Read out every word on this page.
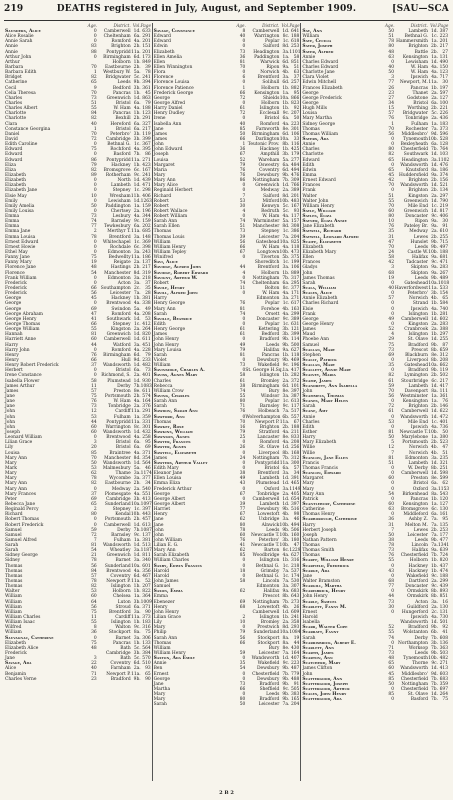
219	DEATHS registered in July, August, and September 1909.	[SAU—SCA
Age.	District. Vol. Page
Saunders, Alice	0	Camberwell 1d. 633
Alice Rosalie	0	Cheltenham 6a. 291
Annie Sarah	0	Romford 4a. 201
Annie	83	Brighton 2b. 151
Annie	88	Pontypridd 11a. 201
Arthur John	0	Birmingham 6d. 173
Arthur	Holborn 1b. 849
Barbara	70	Eastbourne 2b.	39
Barbara Edith	1	Westbury W. 5a.	78
Bridget	82	Bridgwater 5c. 241
Catherine	65	Leeds 9b. 394
Cecil	9	Bedford 3b. 361
Celia Theresa	70	Pancras 1b.	45
Charles	73	Greenwich 1d. 863
Charles	51	Bristol 6a.	79
Charles Albert	55	W. Ham 4a. 188
Charlotte	84	Pancras 1b. 123
Charlotte	82	Bexhill 2b. 291
Clara	40	Hereford 6a. 327
Constance Georgina	1	Bristol 6a. 217
Daniel	70	Peterbro' 3b. 119
David	72	Cambridge 3b. 399
Edith Caroline	0	Bethnal G. 1c. 367
Edward	75	Rochford 4a. 395
Edward	0	Basford 7b.	86
Edward	86	Pontypridd 11a. 271
Eliza	79	Hackney 1b. 423
Eliza	82	Bromsgrove 6c. 167
Elizabeth	89	Rotherham 9c. 241
Elizabeth	0	North 1d. 439
Elizabeth	0	Lambeth 1d. 471
Elizabeth Jane	0	Stepney 1c. 298
Elsie May	10	Wrexham 11b. 406
Emily	0	Lewisham 1d. 1263
Emily Amelia	50	Paddington 1a. 159
Emily Louisa	0	Chertsey 2a. 196
Emma	73	Lesbury 4a. 344
Emma	74	Barnsley 9c. 159
Emma	77	Tewkesbury 6a. 202
Emma Jane	2	Merthyr T. 11a. 685
Emma Louisa	78	Brentford 3a. 148
Ernest Edward	0	Whitechapel 1c. 369
Ernest Howie	0	Rochdale 6c. 398
Ethel May	0	Edmonton 3a. 243
Fanny Jane	75	Bedwellty 11a. 186
Fanny Mary	19	Reigate 2a. 137
Florence Jane	48	Hastings 2b. 217
Florence	54	Manchester 8d. 319
Frank William	0	Edmonton 3a. 218
Frederick	0	Acton 3a.	37
Frederick	66 Southampton 2c.	35
Frederick	56	Leicester 7a.	28
George	45	Hackney 1b. 381
George	0	Brentwood 4a. 338
George	69	Swindon 5a.	49
George Abraham	47	Romford 4a. 208
George Henry	41	Southwark 1d.	53
George Thomas	66	Stepney 1c. 412
George William	55	Kingston 2a. 264
Hannah	81	Greenwich 1d. 820
Harriett Anne	60	Camberwell 1d. 611
Harry	44	Watford 3a. 451
Harry John	0	Romford 4a. 228
Henry	76	Birmingham 6d.	79
Henry	66	Hull 9d. 233
Henry Robert Frederick	37	Wandsworth 1d. 482
Herbert	0	Bristol 6a.	73
Irene Constance	0	Richmond, S. 2a. 401
Isabella Flower	58	Plumstead 1d. 930
James Arthur	11	Derby 7b. 1083
James	57	Preston 8e. 611
Jane	75	Portsmouth 2b. 574
Jane	76	W. Ham 4a. 164
Jane	73	Tonbridge 2a. 376
John	12	Cardiff 11a. 291
John	53	Fulham 1a. 359
John	44	Pontypridd 11a. 331
John	60	Warrington 8c. 301
Joseph	60	Wandsworth 1d. 432
Leonard William	0	Brentwood 4a. 258
Lilian Grace	3	Bristol 6a.	95
Lily	20	Bristol 6a.	69
Louisa	85	Braintree 4a. 371
Mary Ann	70	Manchester 8d. 354
Mary	50	Wandsworth 1d. 564
Mark	53	Malmesbury 5a.	46
Mary	62	Thame 3a. 1174
Mary	78	Wycombe 3a. 377
Mary Ann	82	Eastbourne 2b.	34
Mary Ann	0	Medway 2a. 540
Mary Frances	37	Plomesgate 4a. 551
Peter	69	Cambridge 3b. 413
Rebecca Jane	65	Sunderland 10a. 1097
Reginald Percy	2	Stepney 1c. 397
Richard	80	Kendal 10b. 443
Robert Thomas	0	Portsmouth 2b. 457
Robert Frederick	0	Camberwell 1d. 613
Samuel	59	Derby 7b. 1087
Samuel	72	Barnsley 9c. 137
Samuel Alfred	7	Fulham 1a. 381
Sarah	81	Wandsworth 1d. 513
Sarah	54	Wheatley 3a. 1187
Sidney George	21	Greenwich 1d. 811
Sidney	78	Barnet 3a. 340
Thomas	56	Sunderland 10a. 601
Thomas	84	Brentwood 4a. 356
Thomas	57	Coventry 6d. 467
Thomas	78	Newport P. 11a.	52
Thomas	82	Islington 1b. 207
Walter	53	Holborn 1b. 822
William	60	Chelsea 1a. 364
William	64	Luton 3b. 1009
William	56	Stroud 6a. 371
William	75	Brentford 3a.	90
William Charles	11	Cardiff 11a. 373
William Isaac	55	Islington 1b. 183
Wilfred	8	Walton 9c. 316
William	36	Stockport 8a.	75
Sauvagnac, Catherine	0	Barnet 3a. 306
Elizabeth	75	Pancras 1b. 133
Elizabeth Alice	48	Bath 5c. 564
Frederick	Cambridge 3b. 384
Jane	3	Bath 5c. 570
Savage, Ada	22	Coventry 6d. 510
Alice	40	Farnham 2a.	93
Benjamin	71	Newport P. 11a.	65
Charles Verne	23	Bradford 9b.	90
Age.	District. Vol. Page
Savage, Constance	8	Camberwell 1d. 641
Edward	40	Warrington 8c. 188
Edward	0	Poplar 1c. 618
Edwin	0	Salford 8d. 253
Elizabeth	73	Headington 3a. 1101
Ellen Amelia	36	Paddington 1a.	58
Ellen	81	Warwick 6d. 851
Ellen Winnington	70	Ripon 9a.	51
Flora	0	Norwich 4b.	63
Florence	6	Brentford 3a.	37
Florence Louisa	0	Solihull 6d. 257
Florence Patience	1	Holborn 1b. 882
Frederick George	66	Kensington 1a.	95
George	72	Shields 10a. 866
George Alfred	0	Holborn 1b. 823
Harry Daniel	61	Islington 1b.	92
Henry Dudley	72	Ecclesall 9c. 207
Irene	0	Bristol 6a.	50
Isabella Ann	40	Romford 4a. 223
Jane	85	Farnworth 8e. 301
James	50	Birmingham 6d. 106
James	66	Darlington 10a.	33
John	1 Teutonic Prov. 8b. 116
John Edward	36	Hackney 1b. 425
Joseph	67	Ampthill 3b. 179
Louisa	52	Wareham 5a. 277
Margaret	79	Oswestry 6a. 484
Maria	76	Coventry 6d. 494
Mary	76	Dewsbury 9b. 476
Mary Ann	86	Nottingham 7b. 309
Mary Alice	0	Greenwich 1d. 766
Reginald Herbert	0	Medway 2a. 389
Richard	7	Salford 8d. 201
Robert	53	Mitford 10b. 483
Robert	30	Kenwyn 5c. 167
Robert Wallace	4	Redruth 5c.	93
Robert William	0	W. Ham 4a. 117
Sarah Ann	74	Warminster 5a. 157
Sarah Ellen	51	Manchester 8d. 308
Thomas	73	Stepney 1c. 386
Thomas Louis	39	Leicester 7a. 204
William	56	Gateshead 10a. 825
William Henry	66	W. Ham 4a. 118
William Tepley	67	Longtown 10b. 473
Winifred	0	Tiverton 5b. 375
Savi, Alice	Shoreditch 1c. 199
Savidge, Alfred John	44	Brentford 3a. 106
Savidge, Robert Edward	4	Holborn 1b. 889
Savigny, Arthur W.	0	Nottingham 7b. 317
Robert	74	Cheltenham 6a. 295
Savile, Henry	11	Bolton 8c. 377
Savill, Alfred John	0	W. Ham 4a. 171
Harry	Edmonton 3a. 271
Henry George	76	Poplar 1c. 617
Mary Ann	81	Forehoe 4b. 163
Sarah	74	Orsett 4a. 299
Saville, Beatrice	0	Doncaster 9c. 389
Edith	0	Poplar 1c. 631
Henry George	61	Kettering 3b. 121
James	61	Bedford 3b. 399
John Henry	0	Bradford 9b. 114
John Henry	49	Leeds 9b. 500
Mary Louisa	79	Halifax 9a. 627
Sarah	81	Pancras 1b. 118
Violet	0	Dewsbury 9b. 469
William	73	Wakefield 9c. 196
Savinsidge, Charles A.	0 St. George H.Sq. 1a. 417
Saviss, Agnes Mary	58	Islington 1b. 282
Charles	61	Bromley 2a. 372
Rebecca	38	Birmingham 6d. 101
William Crow	74	Bury 8e. 397
Saving, Charles	55	Windsor 3a. 387
Sarah Ann	80	Poplar 1c. 613
Sarah	71	Barnsley 9c. 117
Sawdon, Sarah Ann	76	Holbeach 7a. 517
Sawford, Ann	0 Wolverhampton 6b. 557
Thomas	70	Newport P. 11a.	67
Sawkey, Rose	16	Brighton 2b. 188
Sawkins, William	79	Stratford 4a. 211
Sawnson, Agnes	25	Lancaster 8e. 833
Sawyer, Frances	0	Romford 4a. 208
Sawyer, Agnes	26	St. Olave 1d. 256
Sawyell, Elizabeth	0	Liverpool 8b. 168
James	24	Nottingham 7b. 312
Sawyers, Arthur Valley	0	Pontypridd 11a. 300
Edith Mary	0	Bristol 6a.	57
Eleanor Jane	38	Brentford 3a.	34
Ellen Louisa	49	Lambeth 1d. 391
Emma Eliza	43	Plumstead 1d. 465
Frederick Arthur	0	Oxford 3a. 1149
George	67	Tonbridge 2a. 405
George Albert	0	Camberwell 1d. 654
George Albert	39	Lambeth 1d. 397
Harriet	77	Dewsbury 9b. 516
Henry	67	Lowestoft 4b.	98
Jane	62	Uxbridge 3a.	46
Jane	80	Alnwick 10b. 494
John	78	Leeds 9b. 506
John	60	Newcastle T. 10b. 160
John William	76	Peterbro' 3b. 180
Lilian E. G.	41	Newcastle T. 10b.	47
Mary Ann	62	Barton 8c. 1229
Sarah Elizabeth	85	Woodbridge 4a. 627
William Charles	0	Islington 1b. 316
Saxby, Edwin Francis	0	Bethnal G. 1c. 218
Harold	18	Grimsby 7a. 537
Harold	0	Bethnal G. 1c. 174
John James	58	Lincoln 7a. 530
Samuel	Edmonton 3a. 307
Saxon, Emma	62	Halifax 9a. 683
Emma	Prescot 8b. 643
Ebenezer	69	Nottingham 7b. 273
Henry	68	Lowestoft 4b.	26
John Henry	Camberwell 1d. 609
Lilian Grace	2	Islington 1b. 241
Lily	10	Bromley 2a. 358
Mary	0	Prestwich 8d. 293
Philip	79	Sunderland 10a. 1084
Sarah Ann	56	Stockport 8a.	19
Thomas	66	Stockport 8a.	44
William	Bury 8e. 430
William Henry	59	Leicester 7a. 164
Saxton, Ada Emily	0	Wandsworth 1d. 407
Annie	35	Wakefield 9c. 223
Ben	54	Dewsbury 9b. 487
Ernest	0	Chesterfield 7b. 779
George	0	Dewsbury 9b. 488
Jane	73	Bradford 9b.	91
Martha	66	Sheffield 9c. 505
Mary	0	Leeds 9b. 383
Mary	80	Bradford 9b. 165
Sarah	50	Leicester 7a. 204
Age.	District. Vol. Page
Say, Ann	50	Lambeth 1d. 387
William	51	Bethnal G. 1c. 223
Saye, Cecilia	78 Hammersmith 1a. 201
Sayer, Joseph	80	Brighton 2b. 217
Sayer, Alfred	48	Battle 2b.	27
Annie	63	Kensington 1a. 131
Charles Edward	0	Lewisham 1d. 490
Charles Edward	40	W. Ham 4a. 150
Charlotte Jane	50	W. Ham 4a. 123
Clara Violet	3	Ipswich 4a. 717
Edwin Mitchell	77	Newport, M. 11a.	30
Frances Elizabeth	26	Pancras 1b. 197
George	23	Thanet 2a. 597
George Frederick	27	Godstone 2a. 127
George	34	Bristol 6a. 100
Hugh Mills	15	Worthing 2b. 221
Louisa	57	Bridgwater 5c. 226
Mary Martha	76	Tonbridge 2a. 436
Sidney George	1	Fulham 1a. 183
Thomas	70	Rochester 7a. 373
Thomas William	56	Middlesbro' 9d. 596
Sayers, Ada	0	Tynemouth 10b. 528
Annie	0	Bexleyheath 6a. 128
Charles	80	Chesterfield 7b. 764
Charlotte	82	Southwark 1d. 103
Edward	65	Headington 3a. 1102
Edith	0	Wandsworth 1d. 476
Edwin	65	Knutsford 8a. 186
Emma	45	Huddersfield 9a. 374
Ernest Edward	42	Brighton 2b. 156
Frances	70	Wandsworth 1d. 521
Frank	0	Brighton 2b. 134
Walter	51	Kingston 2a. 297
Walter John	55	Greenwich 1d. 790
William Henry	70	Mile End 1c. 219
Sayle, William	60	Greenwich 1d. 817
Sayles, Eliza	80	Doncaster 9c. 406
Sayner, Eliza Annie	10	Ripon 9a.	30
Jane Elizabeth	76	Pateley Br. 9a.	91
Saywell, Richard	35	Medway 2a. 610
Saywell, Leonard Alfred	31	Lewes 2b. 255
Scaife, Elizabeth	47	Hunslet 9b. 715
Elizabeth	70	Leeds 9b. 497
Elizabeth Mary	24	Castle W. 10b. 188
Ellen	58	Halifax 9a. 681
Frances	42	Tadcaster 9c. 471
Gladys	3	Skipton 9a. 283
John	68	Skipton 9a. 267
James Thomas	19	Leeds 9b. 489
Sarah	0	Gateshead 10a. 1018
Scala, William	40 Haverfordwest 11a. 533
Scales, Alice	0	Peterbro' 3b. 154
Annie Elizabeth	57	Norwich 4b.	65
Charles Richard	0	Strand 1b. 584
Elsie	0	Ipswich 4a. 740
Frank	0	Islington 1b. 281
George	49	Camberwell 1d. 602
George Henry	0	Kingston 2a. 283
James	52	Cranbrook 2a. 388
Maud	4	Islington 1b. 297
Phoebe Ann	29	St. Olave 1d. 255
Samuel	75	Bradford 9b.	87
Scallan, Mary	73	Prescot 8b. 659
Stephen	69	Blackburn 8e. 312
Scally, Patrick	0	Liverpool 8b. 208
Scallan, Mary	35	Gateshead 10a. 662
Scallett, Annie Mary	0	Bradford 9b. 119
Scalvey, Maria	82	Lymington 2b. 502
Scamp, James	61	Stourbridge 6c. 217
Scandrett, Ann Isabella	59	Lambeth 1d. 417
John	70	Davenport 8a. 111
Scammels, Thomas	56	Westminster 1a. 361
Scanes, Mary Helen	0	Kensington 1a.	76
Sarah	72	Brighton 2b. 146
Scane, Amy	61	Camberwell 1d. 622
Annie	0	Wandsworth 1d. 472
Charles	53	Mile End 1c. 401
Edith	0	Ipswich 4a. 736
Esther	81	Newcastle T. 10b.	50
Harry	50	Marylebone 1a. 380
Mary Elizabeth	5	Portsmouth 2b. 523
Willie	12	Norwich 4b.	47
Willie	7	Norwich 4b.	51
Scanlon, Jane Ellen	81	Edmonton 3a. 235
Francis	51	Lambeth 1d. 321
Thomas Francis	0	W. Derby 8b. 251
Scanlon, Edward	0	Camberwell 1d. 598
Margaret	60	Preston 8e. 599
Mary	0	Bristol 6a.	62
Mary	0	Oxford 3a. 1153
Mary Ann	54	Birkenhead 8a. 543
Patrick	0	Pancras 1b. 120
Scantlebury, Catherine	60	Kensington 1a. 127
Catherine	63	Bromsgrove 6c. 130
Thomas Henry	0	Middleford 6a. 161
Scarborough, Catherine	36	Ashby Z. 7a.	95
Harry	31	Melton M. 7a. 135
Herbert Joseph	7	Lewes 2b. 253
Joseph	50	Leicester 7a. 177
Nathan Pattern	38	Leeds 9b. 477
Thomas	78	Lincoln 7a. 1341
Thomas Smith	73	Halifax 9a. 639
Thomas	76	Chesterfield 7b. 724
Scarff, William Henry	55	Holborn 1b. 820
Scarfield, Frederick	0	Hackney 1b. 437
Scarge, Ada	43	Hackney 1b. 474
Jane	0	Wakefield 9c. 188
Walter Bramston	68	Dartford 2a. 299
Scargill, Martha	77	Doncaster 9c. 439
Scarisbrick, Henry	0	Ormskirk 8b. 893
John Henry	44	Ormskirk 8b. 851
Scarle, Samuel	73	Acton 3a.	16
Scarlett, Fanny M.	30	Guildford 2a. 130
Ernest	0	Hungerford 2c. 131
Harold	Ipswich 4a. 730
Isabella	Wandsworth 1d. 501
Scarr, Walter Cope	52	Bradford 9b.	92
Scarratt, Fanny	55	Wolstanton 6b.	41
Sarah	74	Derby 7b. 608
Scarrisbrick, Albert E.	0 Northampton 3b. 136
Scarlett, Ann	71	Worksop 7b. 363
Scarth, James	73	Leeds 9b. 503
Scarton, Ann	48	Tynemouth 10b. 482
Scatcherd, Mary	65	Thorne 9c. 271
James Clifton	60	Wandsworth 1d. 413
John	45	Middlesbro' 9d. 603
Scattergood, Ann	85	Chesterfield 7b. 683
Scattergood, Joseph	50	Nottingham 7b. 359
Scattergood, Arthur	0	Chesterfield 7b. 697
Scales, John Henry	85	St. Olave 1d. 264
Scattergood, Ada	0	Basford 7b.	75
2 B 2
